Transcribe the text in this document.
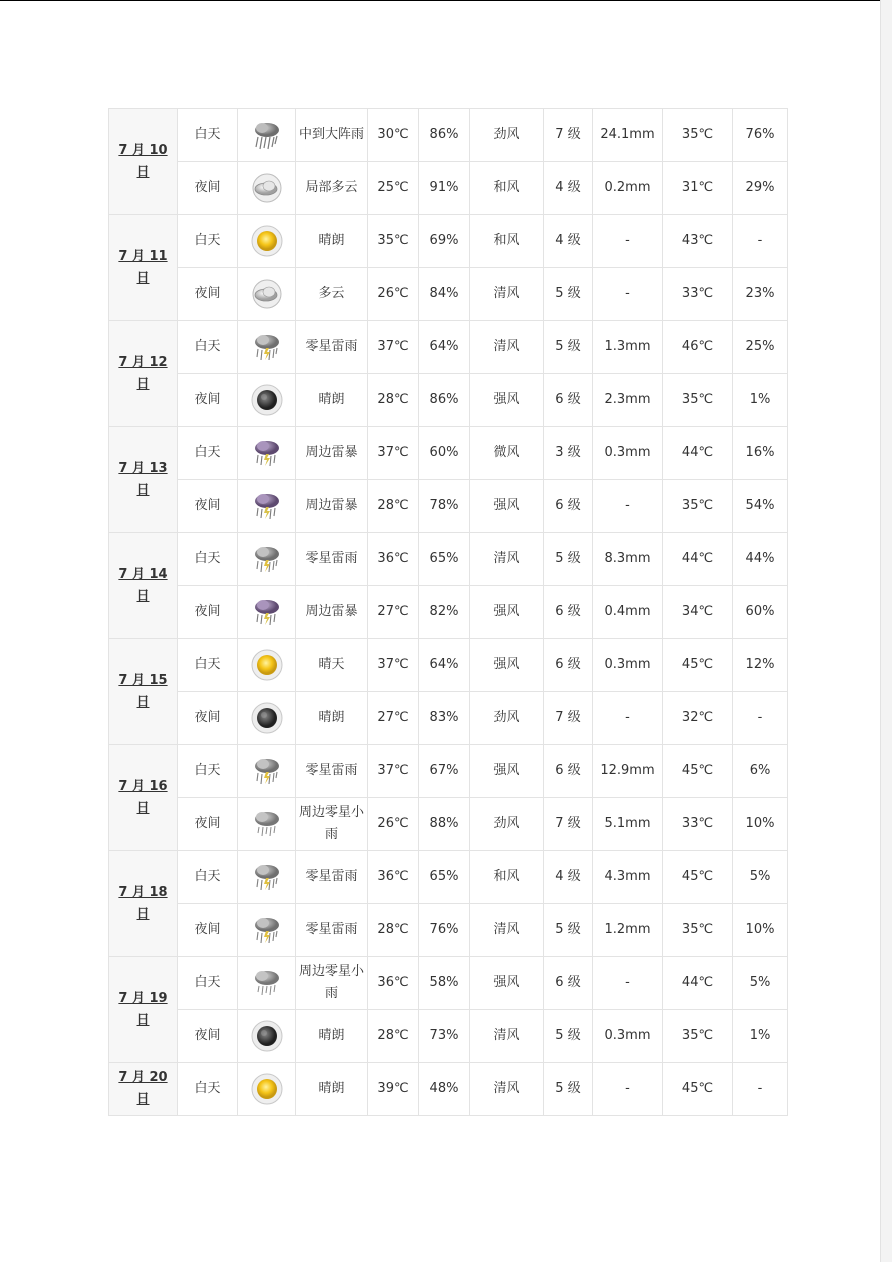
7 月 10 日	白天		中到大阵雨	30℃	86%	劲风	7 级	24.1mm	35℃	76%
	夜间		局部多云	25℃	91%	和风	4 级	0.2mm	31℃	29%
7 月 11 日	白天		晴朗	35℃	69%	和风	4 级	-	43℃	-
	夜间		多云	26℃	84%	清风	5 级	-	33℃	23%
7 月 12 日	白天		零星雷雨	37℃	64%	清风	5 级	1.3mm	46℃	25%
	夜间		晴朗	28℃	86%	强风	6 级	2.3mm	35℃	1%
7 月 13 日	白天		周边雷暴	37℃	60%	微风	3 级	0.3mm	44℃	16%
	夜间		周边雷暴	28℃	78%	强风	6 级	-	35℃	54%
7 月 14 日	白天		零星雷雨	36℃	65%	清风	5 级	8.3mm	44℃	44%
	夜间		周边雷暴	27℃	82%	强风	6 级	0.4mm	34℃	60%
7 月 15 日	白天		晴天	37℃	64%	强风	6 级	0.3mm	45℃	12%
	夜间		晴朗	27℃	83%	劲风	7 级	-	32℃	-
7 月 16 日	白天		零星雷雨	37℃	67%	强风	6 级	12.9mm	45℃	6%
	夜间		周边零星小雨	26℃	88%	劲风	7 级	5.1mm	33℃	10%
7 月 18 日	白天		零星雷雨	36℃	65%	和风	4 级	4.3mm	45℃	5%
	夜间		零星雷雨	28℃	76%	清风	5 级	1.2mm	35℃	10%
7 月 19 日	白天		周边零星小雨	36℃	58%	强风	6 级	-	44℃	5%
	夜间		晴朗	28℃	73%	清风	5 级	0.3mm	35℃	1%
7 月 20 日	白天		晴朗	39℃	48%	清风	5 级	-	45℃	-
